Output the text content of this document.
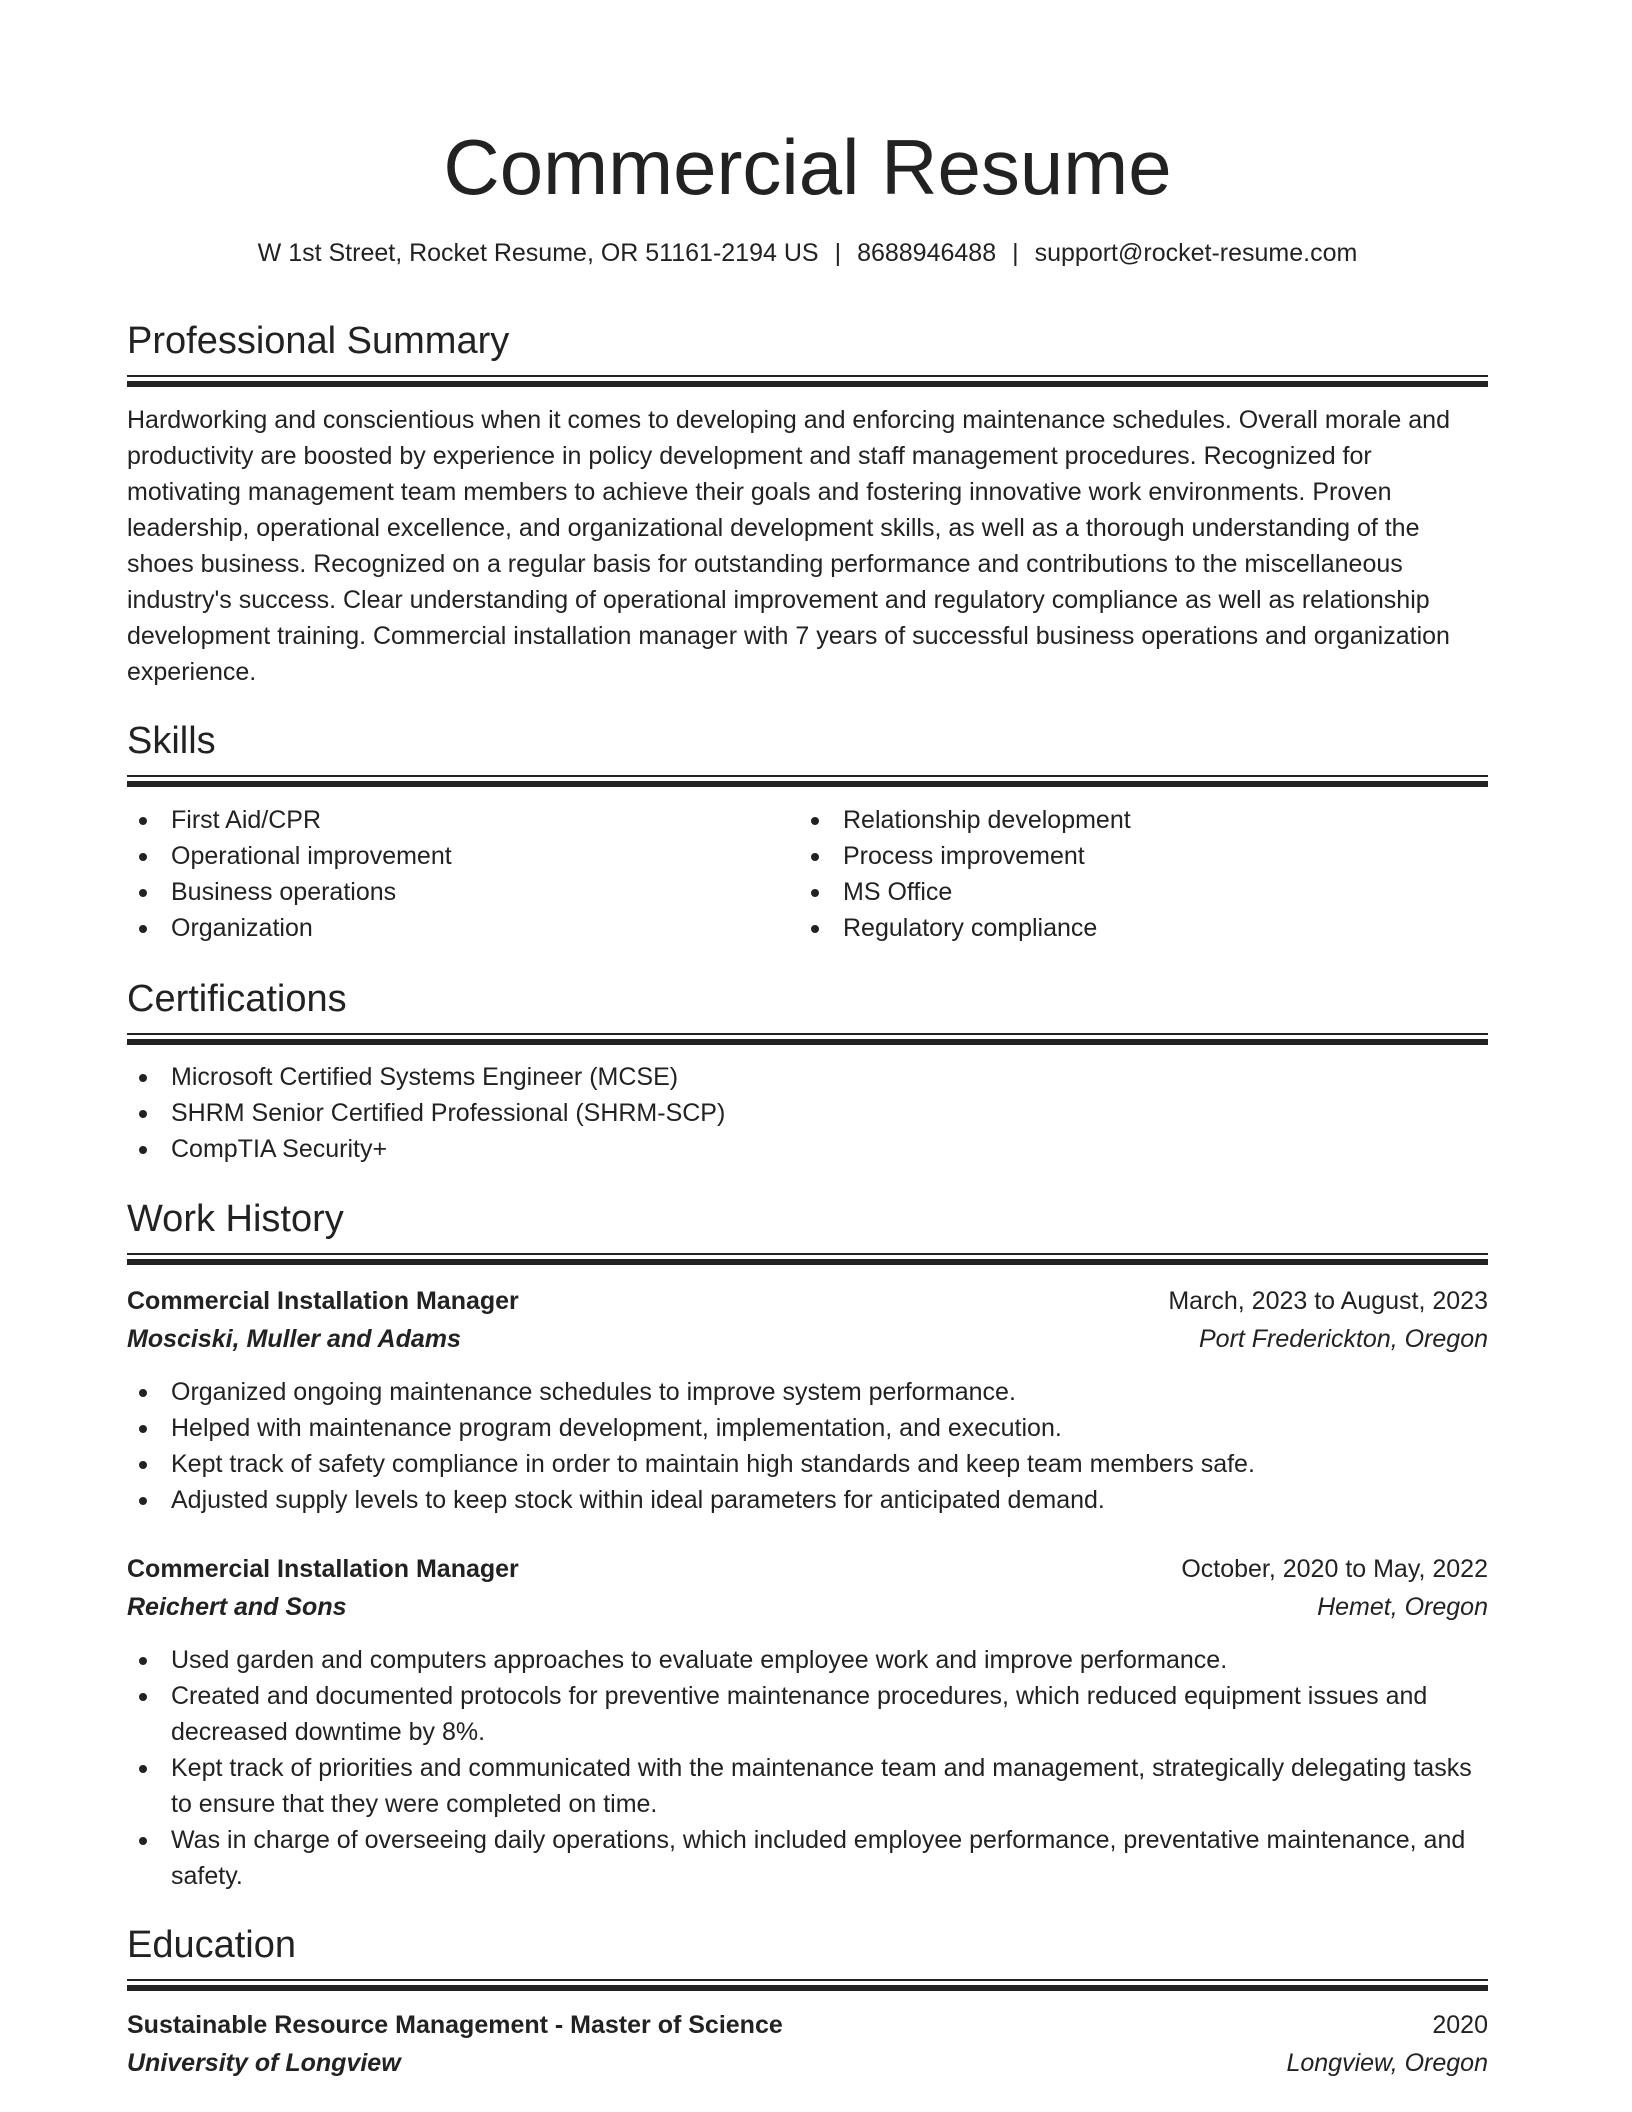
Commercial Resume
W 1st Street, Rocket Resume, OR 51161-2194 US | 8688946488 | support@rocket-resume.com
Professional Summary

Hardworking and conscientious when it comes to developing and enforcing maintenance schedules. Overall morale and productivity are boosted by experience in policy development and staff management procedures. Recognized for motivating management team members to achieve their goals and fostering innovative work environments. Proven leadership, operational excellence, and organizational development skills, as well as a thorough understanding of the shoes business. Recognized on a regular basis for outstanding performance and contributions to the miscellaneous industry's success. Clear understanding of operational improvement and regulatory compliance as well as relationship development training. Commercial installation manager with 7 years of successful business operations and organization experience.

Skills
First Aid/CPR
Operational improvement
Business operations
Organization
Relationship development
Process improvement
MS Office
Regulatory compliance
Certifications
Microsoft Certified Systems Engineer (MCSE)
SHRM Senior Certified Professional (SHRM-SCP)
CompTIA Security+
Work History
Commercial Installation Manager	March, 2023 to August, 2023
Mosciski, Muller and Adams	Port Frederickton, Oregon
Organized ongoing maintenance schedules to improve system performance.
Helped with maintenance program development, implementation, and execution.
Kept track of safety compliance in order to maintain high standards and keep team members safe.
Adjusted supply levels to keep stock within ideal parameters for anticipated demand.
Commercial Installation Manager	October, 2020 to May, 2022
Reichert and Sons	Hemet, Oregon
Used garden and computers approaches to evaluate employee work and improve performance.
Created and documented protocols for preventive maintenance procedures, which reduced equipment issues and decreased downtime by 8%.
Kept track of priorities and communicated with the maintenance team and management, strategically delegating tasks to ensure that they were completed on time.
Was in charge of overseeing daily operations, which included employee performance, preventative maintenance, and safety.
Education
Sustainable Resource Management - Master of Science	2020
University of Longview	Longview, Oregon
